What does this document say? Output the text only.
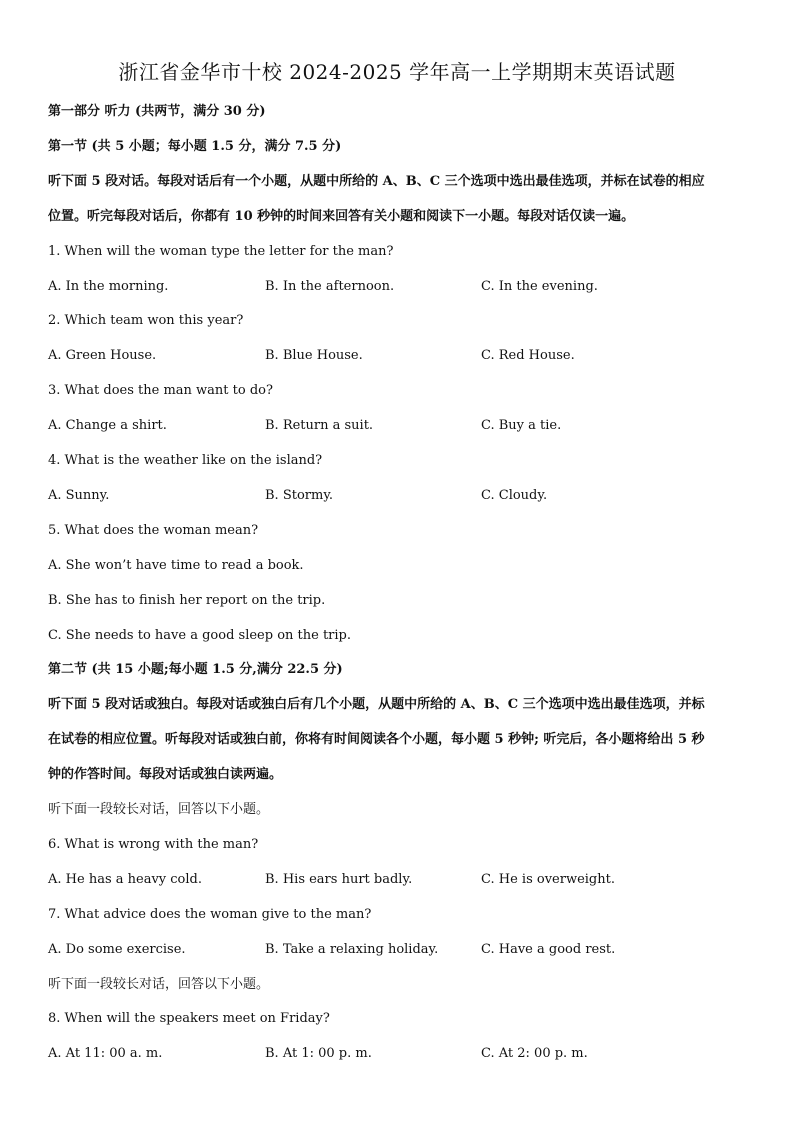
浙江省金华市十校 2024-2025 学年高一上学期期末英语试题
第一部分 听力 (共两节，满分 30 分)
第一节 (共 5 小题；每小题 1.5 分，满分 7.5 分)
听下面 5 段对话。每段对话后有一个小题，从题中所给的 A、B、C 三个选项中选出最佳选项，并标在试卷的相应
位置。听完每段对话后，你都有 10 秒钟的时间来回答有关小题和阅读下一小题。每段对话仅读一遍。
1. When will the woman type the letter for the man?
A. In the morning.	B. In the afternoon.	C. In the evening.
2. Which team won this year?
A. Green House.	B. Blue House.	C. Red House.
3. What does the man want to do?
A. Change a shirt.	B. Return a suit.	C. Buy a tie.
4. What is the weather like on the island?
A. Sunny.	B. Stormy.	C. Cloudy.
5. What does the woman mean?
A. She won’t have time to read a book.
B. She has to finish her report on the trip.
C. She needs to have a good sleep on the trip.
第二节 (共 15 小题;每小题 1.5 分,满分 22.5 分)
听下面 5 段对话或独白。每段对话或独白后有几个小题，从题中所给的 A、B、C 三个选项中选出最佳选项，并标
在试卷的相应位置。听每段对话或独白前，你将有时间阅读各个小题，每小题 5 秒钟; 听完后，各小题将给出 5 秒
钟的作答时间。每段对话或独白读两遍。
听下面一段较长对话，回答以下小题。
6. What is wrong with the man?
A. He has a heavy cold.	B. His ears hurt badly.	C. He is overweight.
7. What advice does the woman give to the man?
A. Do some exercise.	B. Take a relaxing holiday.	C. Have a good rest.
听下面一段较长对话，回答以下小题。
8. When will the speakers meet on Friday?
A. At 11: 00 a. m.	B. At 1: 00 p. m.	C. At 2: 00 p. m.
